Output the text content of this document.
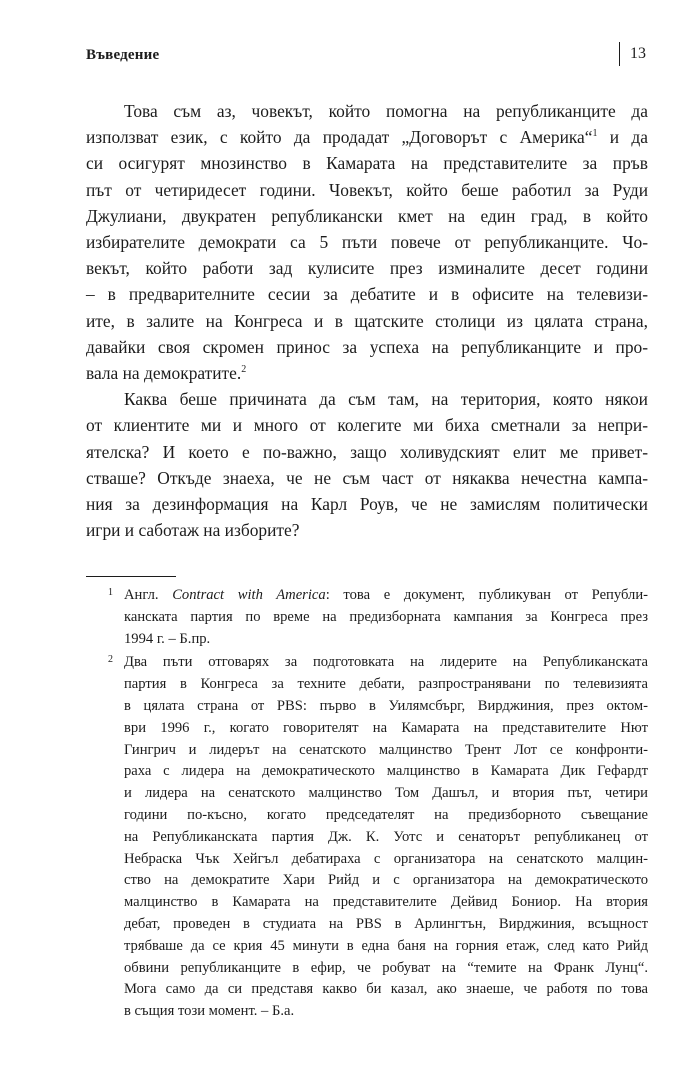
Въведение	13

Това съм аз, човекът, който помогна на републиканците да
използват език, с който да продадат „Договорът с Америка“$^1$ и да
си осигурят мнозинство в Камарата на представителите за пръв
път от четиридесет години. Човекът, който беше работил за Руди
Джулиани, двукратен републикански кмет на един град, в който
избирателите демократи са 5 пъти повече от републиканците. Чо-
векът, който работи зад кулисите през изминалите десет години
– в предварителните сесии за дебатите и в офисите на телевизи-
ите, в залите на Конгреса и в щатските столици из цялата страна,
давайки своя скромен принос за успеха на републиканците и про-
вала на демократите.$^2$

Каква беше причината да съм там, на територия, която някои
от клиентите ми и много от колегите ми биха сметнали за непри-
ятелска? И което е по-важно, защо холивудският елит ме привет-
стваше? Откъде знаеха, че не съм част от някаква нечестна кампа-
ния за дезинформация на Карл Роув, че не замислям политически
игри и саботаж на изборите?

1 Англ. Contract with America: това е документ, публикуван от Републи-
канската партия по време на предизборната кампания за Конгреса през
1994 г. – Б.пр.
2 Два пъти отговарях за подготовката на лидерите на Републиканската
партия в Конгреса за техните дебати, разпространявани по телевизията
в цялата страна от PBS: първо в Уилямсбърг, Вирджиния, през октом-
ври 1996 г., когато говорителят на Камарата на представителите Нют
Гингрич и лидерът на сенатското малцинство Трент Лот се конфронти-
раха с лидера на демократическото малцинство в Камарата Дик Гефардт
и лидера на сенатското малцинство Том Дашъл, и втория път, четири
години по-късно, когато председателят на предизборното съвещание
на Републиканската партия Дж. К. Уотс и сенаторът републиканец от
Небраска Чък Хейгъл дебатираха с организатора на сенатското малцин-
ство на демократите Хари Рийд и с организатора на демократическото
малцинство в Камарата на представителите Дейвид Бониор. На втория
дебат, проведен в студиата на PBS в Арлингтън, Вирджиния, всъщност
трябваше да се крия 45 минути в една баня на горния етаж, след като Рийд
обвини републиканците в ефир, че робуват на “темите на Франк Лунц“.
Мога само да си представя какво би казал, ако знаеше, че работя по това
в същия този момент. – Б.а.
